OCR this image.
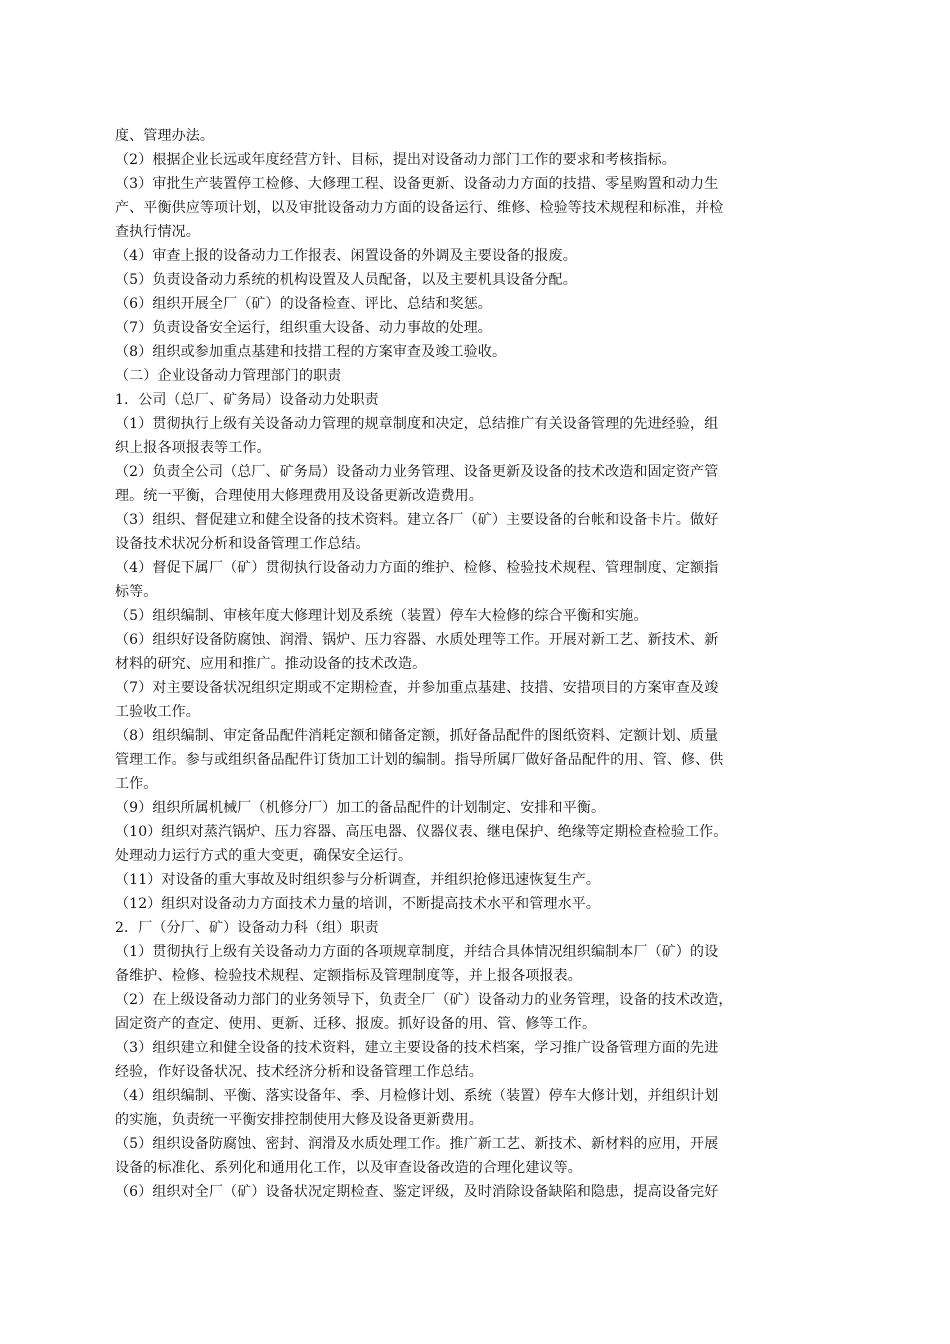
度、管理办法。
（2）根据企业长远或年度经营方针、目标，提出对设备动力部门工作的要求和考核指标。
（3）审批生产装置停工检修、大修理工程、设备更新、设备动力方面的技措、零星购置和动力生
产、平衡供应等项计划，以及审批设备动力方面的设备运行、维修、检验等技术规程和标准，并检
查执行情况。
（4）审查上报的设备动力工作报表、闲置设备的外调及主要设备的报废。
（5）负责设备动力系统的机构设置及人员配备，以及主要机具设备分配。
（6）组织开展全厂（矿）的设备检查、评比、总结和奖惩。
（7）负责设备安全运行，组织重大设备、动力事故的处理。
（8）组织或参加重点基建和技措工程的方案审查及竣工验收。
（二）企业设备动力管理部门的职责
1．公司（总厂、矿务局）设备动力处职责
（1）贯彻执行上级有关设备动力管理的规章制度和决定，总结推广有关设备管理的先进经验，组
织上报各项报表等工作。
（2）负责全公司（总厂、矿务局）设备动力业务管理、设备更新及设备的技术改造和固定资产管
理。统一平衡，合理使用大修理费用及设备更新改造费用。
（3）组织、督促建立和健全设备的技术资料。建立各厂（矿）主要设备的台帐和设备卡片。做好
设备技术状况分析和设备管理工作总结。
（4）督促下属厂（矿）贯彻执行设备动力方面的维护、检修、检验技术规程、管理制度、定额指
标等。
（5）组织编制、审核年度大修理计划及系统（装置）停车大检修的综合平衡和实施。
（6）组织好设备防腐蚀、润滑、锅炉、压力容器、水质处理等工作。开展对新工艺、新技术、新
材料的研究、应用和推广。推动设备的技术改造。
（7）对主要设备状况组织定期或不定期检查，并参加重点基建、技措、安措项目的方案审查及竣
工验收工作。
（8）组织编制、审定备品配件消耗定额和储备定额，抓好备品配件的图纸资料、定额计划、质量
管理工作。参与或组织备品配件订货加工计划的编制。指导所属厂做好备品配件的用、管、修、供
工作。
（9）组织所属机械厂（机修分厂）加工的备品配件的计划制定、安排和平衡。
（10）组织对蒸汽锅炉、压力容器、高压电器、仪器仪表、继电保护、绝缘等定期检查检验工作。
处理动力运行方式的重大变更，确保安全运行。
（11）对设备的重大事故及时组织参与分析调查，并组织抢修迅速恢复生产。
（12）组织对设备动力方面技术力量的培训，不断提高技术水平和管理水平。
2．厂（分厂、矿）设备动力科（组）职责
（1）贯彻执行上级有关设备动力方面的各项规章制度，并结合具体情况组织编制本厂（矿）的设
备维护、检修、检验技术规程、定额指标及管理制度等，并上报各项报表。
（2）在上级设备动力部门的业务领导下，负责全厂（矿）设备动力的业务管理，设备的技术改造，
固定资产的查定、使用、更新、迁移、报废。抓好设备的用、管、修等工作。
（3）组织建立和健全设备的技术资料，建立主要设备的技术档案，学习推广设备管理方面的先进
经验，作好设备状况、技术经济分析和设备管理工作总结。
（4）组织编制、平衡、落实设备年、季、月检修计划、系统（装置）停车大修计划，并组织计划
的实施，负责统一平衡安排控制使用大修及设备更新费用。
（5）组织设备防腐蚀、密封、润滑及水质处理工作。推广新工艺、新技术、新材料的应用，开展
设备的标准化、系列化和通用化工作，以及审查设备改造的合理化建议等。
（6）组织对全厂（矿）设备状况定期检查、鉴定评级，及时消除设备缺陷和隐患，提高设备完好
